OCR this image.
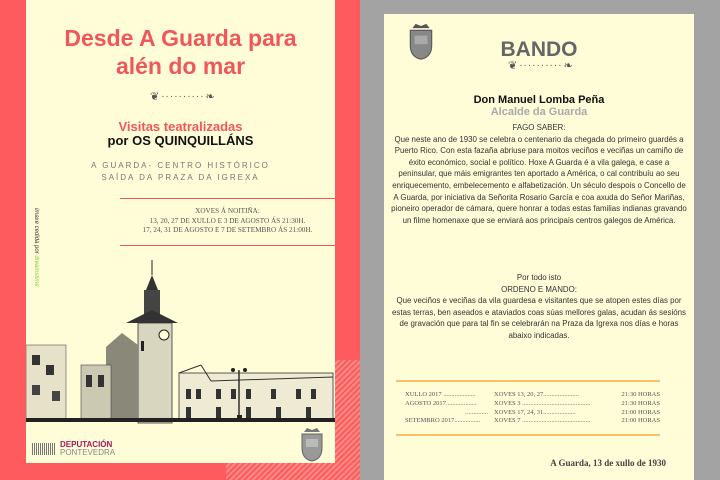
Desde A Guarda para
alén do mar
❦ ·········· ❧
Visitas teatralizadas
por OS QUINQUILLÁNS
A GUARDA- CENTRO HISTÓRICO
SAÍDA DA PRAZA DA IGREXA
XOVES Á NOITIÑA:
13, 20, 27 DE XULLO E 3 DE AGOSTO ÁS 21:30H.
17, 24, 31 DE AGOSTO E 7 DE SETEMBRO ÁS 21:00H.
imaxe cedida por dreamstime
DEPUTACIÓN
PONTEVEDRA
BANDO
❦ ·········· ❧
Don Manuel Lomba Peña
Alcalde da Guarda
FAGO SABER:
Que neste ano de 1930 se celebra o centenario da chegada do primeiro guardés a Puerto Rico. Con esta fazaña abriuse para moitos veciños e veciñas un camiño de éxito económico, social e político. Hoxe A Guarda é a vila galega, e case a peninsular, que máis emigrantes ten aportado a América, o cal contribuíu ao seu enriquecemento, embelecemento e alfabetización. Un século despois o Concello de A Guarda, por iniciativa da Señorita Rosario García e coa axuda do Señor Mariñas, pioneiro operador de cámara, quere honrar a todas estas familias indianas gravando un filme homenaxe que se enviará aos principais centros galegos de América.
Por todo isto
ORDENO E MANDO:
Que veciños e veciñas da vila guardesa e visitantes que se atopen estes días por estas terras, ben aseados e ataviados coas súas mellores galas, acudan ás sesións de gravación que para tal fin se celebrarán na Praza da Igrexa nos días e horas abaixo indicadas.
XULLO 2017 ....................	XOVES 13, 20, 27......................	21:30 HORAS
AGOSTO 2017...................	XOVES 3 ..........................................	21:30 HORAS
.............. XOVES 17, 24, 31....................	21:00 HORAS
SETEMBRO 2017................	XOVES 7 ..........................................	21:00 HORAS
A Guarda, 13 de xullo de 1930
